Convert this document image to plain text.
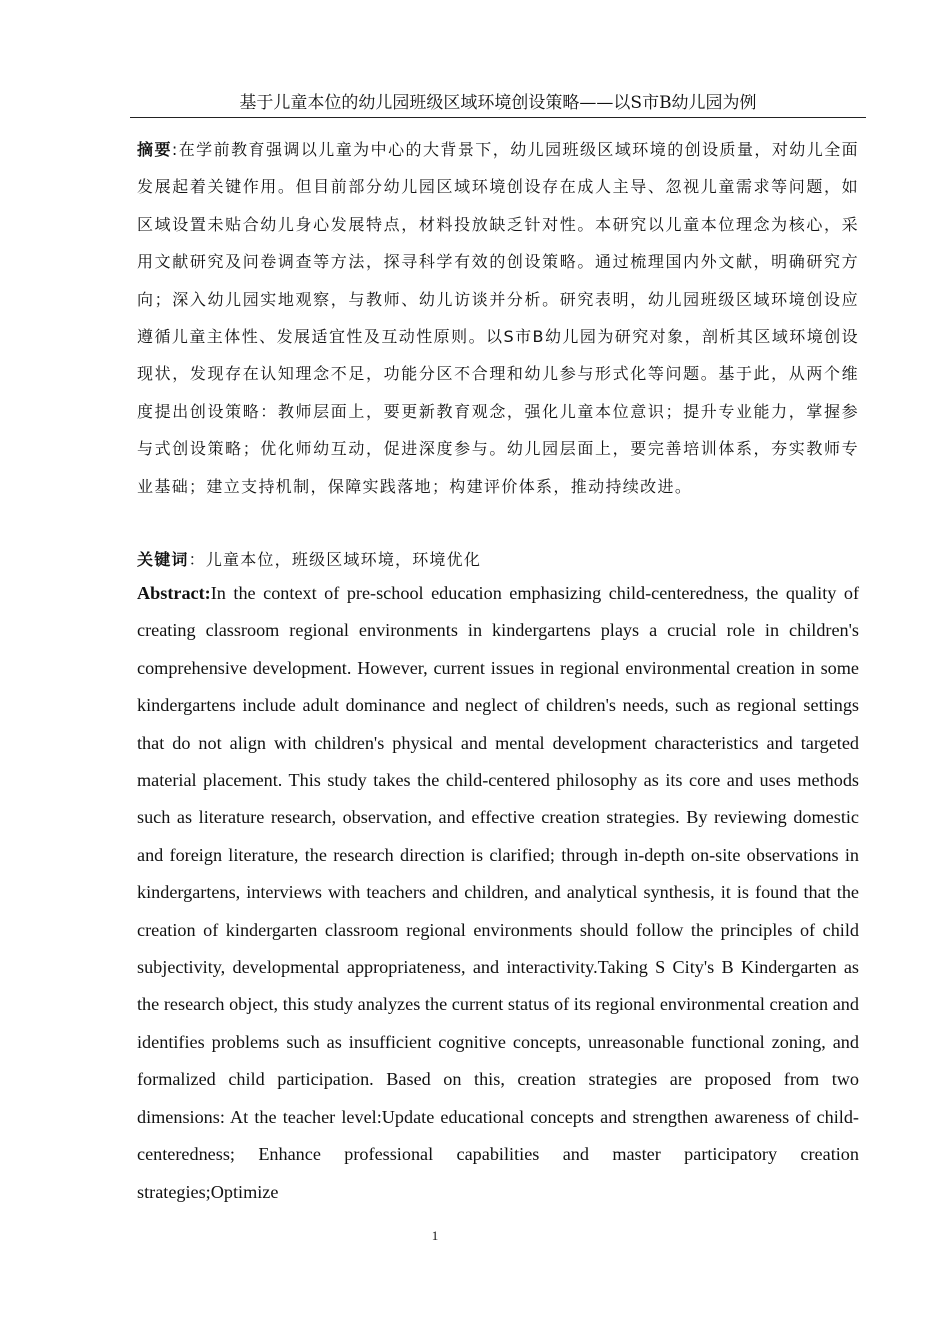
基于儿童本位的幼儿园班级区域环境创设策略——以S市B幼儿园为例
摘要:在学前教育强调以儿童为中心的大背景下，幼儿园班级区域环境的创设质量，对幼儿全面发展起着关键作用。但目前部分幼儿园区域环境创设存在成人主导、忽视儿童需求等问题，如区域设置未贴合幼儿身心发展特点，材料投放缺乏针对性。本研究以儿童本位理念为核心，采用文献研究及问卷调查等方法，探寻科学有效的创设策略。通过梳理国内外文献，明确研究方向；深入幼儿园实地观察，与教师、幼儿访谈并分析。研究表明，幼儿园班级区域环境创设应遵循儿童主体性、发展适宜性及互动性原则。以S市B幼儿园为研究对象，剖析其区域环境创设现状，发现存在认知理念不足，功能分区不合理和幼儿参与形式化等问题。基于此，从两个维度提出创设策略：教师层面上，要更新教育观念，强化儿童本位意识；提升专业能力，掌握参与式创设策略；优化师幼互动，促进深度参与。幼儿园层面上，要完善培训体系，夯实教师专业基础；建立支持机制，保障实践落地；构建评价体系，推动持续改进。
关键词：儿童本位，班级区域环境，环境优化
Abstract:In the context of pre-school education emphasizing child-centeredness, the quality of creating classroom regional environments in kindergartens plays a crucial role in children's comprehensive development. However, current issues in regional environmental creation in some kindergartens include adult dominance and neglect of children's needs, such as regional settings that do not align with children's physical and mental development characteristics and targeted material placement. This study takes the child-centered philosophy as its core and uses methods such as literature research, observation, and effective creation strategies. By reviewing domestic and foreign literature, the research direction is clarified; through in-depth on-site observations in kindergartens, interviews with teachers and children, and analytical synthesis, it is found that the creation of kindergarten classroom regional environments should follow the principles of child subjectivity, developmental appropriateness, and interactivity.Taking S City's B Kindergarten as the research object, this study analyzes the current status of its regional environmental creation and identifies problems such as insufficient cognitive concepts, unreasonable functional zoning, and formalized child participation. Based on this, creation strategies are proposed from two dimensions: At the teacher level:Update educational concepts and strengthen awareness of child-centeredness; Enhance professional capabilities and master participatory creation strategies;Optimize
1
